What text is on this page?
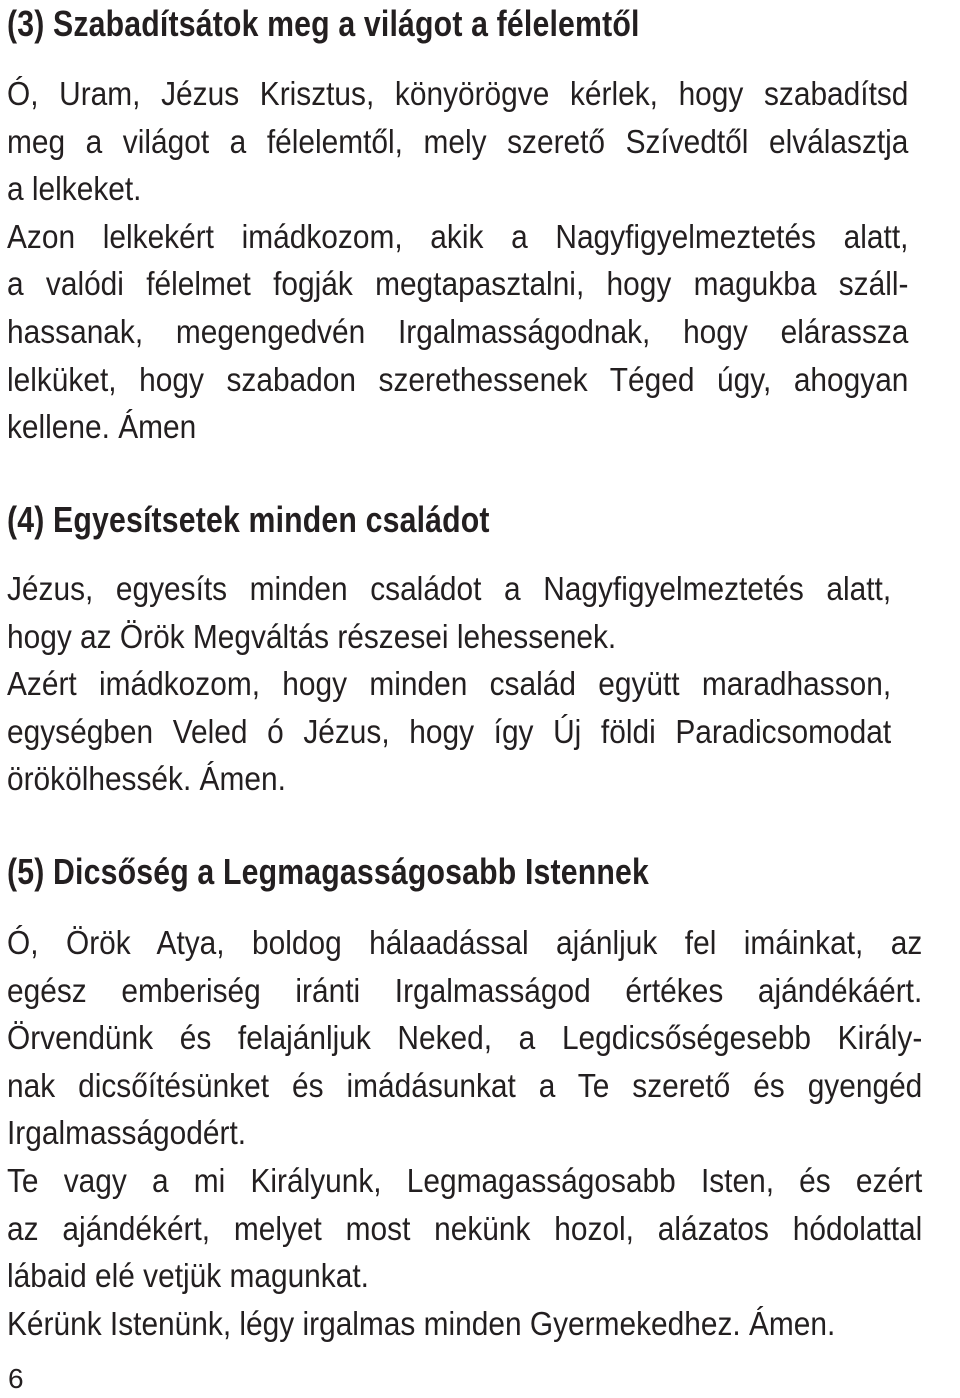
(3) Szabadítsátok meg a világot a félelemtől

Ó, Uram, Jézus Krisztus, könyörögve kérlek, hogy szabadítsd
meg a világot a félelemtől, mely szerető Szívedtől elválasztja
a lelkeket.
Azon lelkekért imádkozom, akik a Nagyfigyelmeztetés alatt,
a valódi félelmet fogják megtapasztalni, hogy magukba száll-
hassanak, megengedvén Irgalmasságodnak, hogy elárassza
lelküket, hogy szabadon szerethessenek Téged úgy, ahogyan
kellene. Ámen

(4) Egyesítsetek minden családot

Jézus, egyesíts minden családot a Nagyfigyelmeztetés alatt,
hogy az Örök Megváltás részesei lehessenek.
Azért imádkozom, hogy minden család együtt maradhasson,
egységben Veled ó Jézus, hogy így Új földi Paradicsomodat
örökölhessék. Ámen.

(5) Dicsőség a Legmagasságosabb Istennek

Ó, Örök Atya, boldog hálaadással ajánljuk fel imáinkat, az
egész emberiség iránti Irgalmasságod értékes ajándékáért.
Örvendünk és felajánljuk Neked, a Legdicsőségesebb Király-
nak dicsőítésünket és imádásunkat a Te szerető és gyengéd
Irgalmasságodért.
Te vagy a mi Királyunk, Legmagasságosabb Isten, és ezért
az ajándékért, melyet most nekünk hozol, alázatos hódolattal
lábaid elé vetjük magunkat.
Kérünk Istenünk, légy irgalmas minden Gyermekedhez. Ámen.

6
